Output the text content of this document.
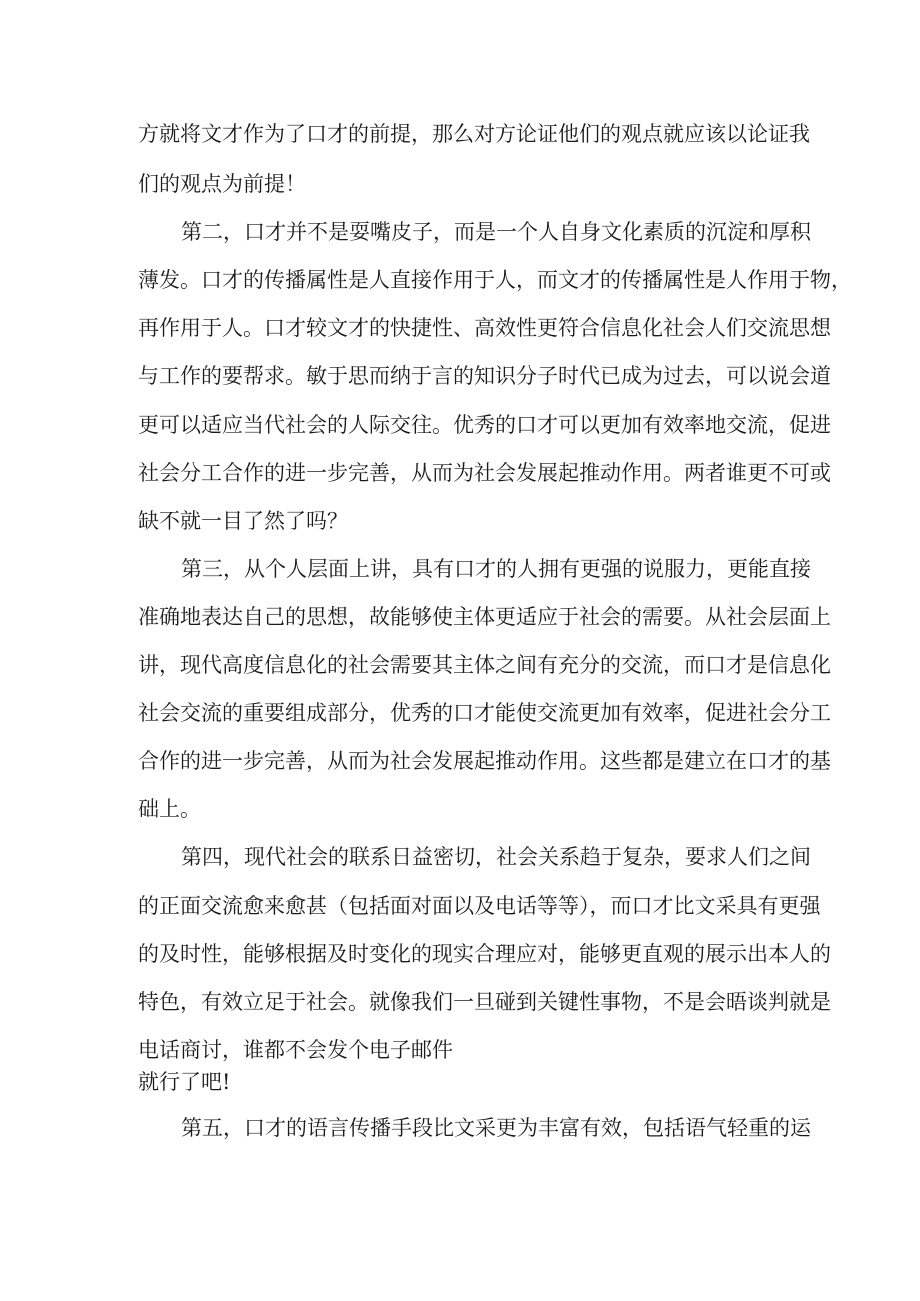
方就将文才作为了口才的前提，那么对方论证他们的观点就应该以论证我
们的观点为前提！
第二，口才并不是耍嘴皮子，而是一个人自身文化素质的沉淀和厚积
薄发。口才的传播属性是人直接作用于人，而文才的传播属性是人作用于物，
再作用于人。口才较文才的快捷性、高效性更符合信息化社会人们交流思想
与工作的要帮求。敏于思而纳于言的知识分子时代已成为过去，可以说会道
更可以适应当代社会的人际交往。优秀的口才可以更加有效率地交流，促进
社会分工合作的进一步完善，从而为社会发展起推动作用。两者谁更不可或
缺不就一目了然了吗？
第三，从个人层面上讲，具有口才的人拥有更强的说服力，更能直接
准确地表达自己的思想，故能够使主体更适应于社会的需要。从社会层面上
讲，现代高度信息化的社会需要其主体之间有充分的交流，而口才是信息化
社会交流的重要组成部分，优秀的口才能使交流更加有效率，促进社会分工
合作的进一步完善，从而为社会发展起推动作用。这些都是建立在口才的基
础上。
第四，现代社会的联系日益密切，社会关系趋于复杂，要求人们之间
的正面交流愈来愈甚（包括面对面以及电话等等），而口才比文采具有更强
的及时性，能够根据及时变化的现实合理应对，能够更直观的展示出本人的
特色，有效立足于社会。就像我们一旦碰到关键性事物，不是会晤谈判就是
电话商讨，谁都不会发个电子邮件
就行了吧!
第五，口才的语言传播手段比文采更为丰富有效，包括语气轻重的运
